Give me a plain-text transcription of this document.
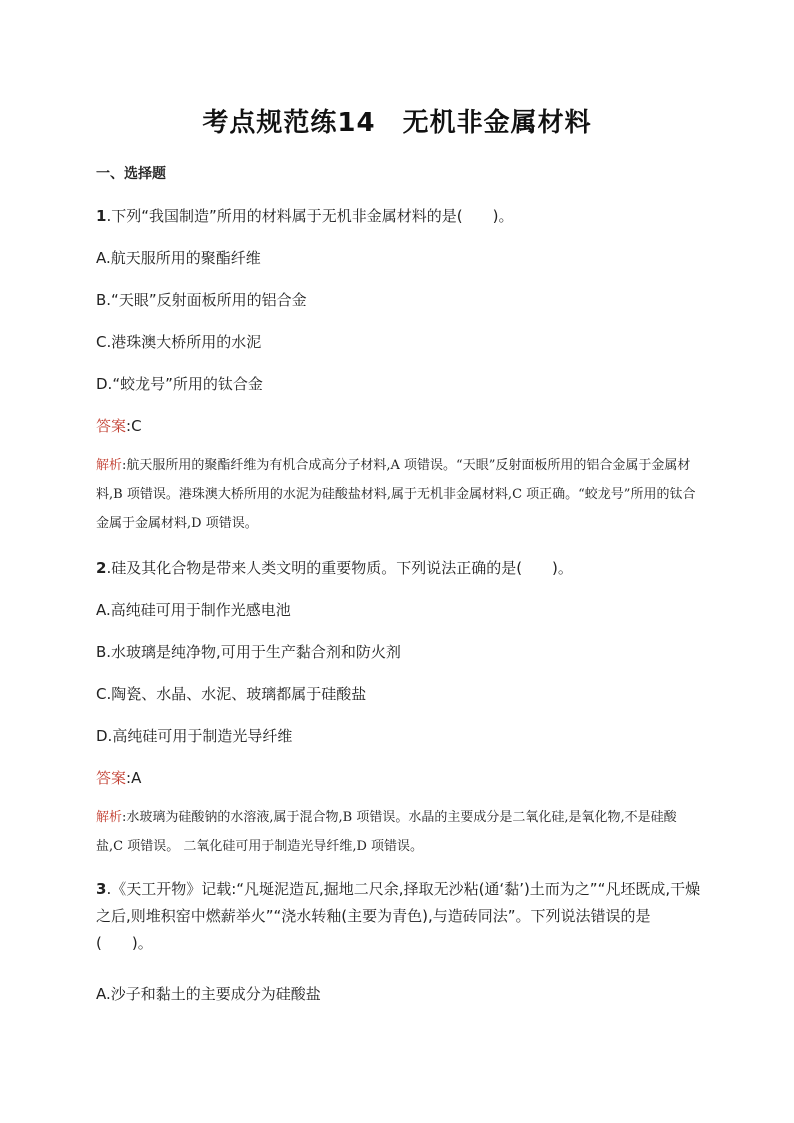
考点规范练14　无机非金属材料
一、选择题
1.下列“我国制造”所用的材料属于无机非金属材料的是(　　)。
A.航天服所用的聚酯纤维
B.“天眼”反射面板所用的铝合金
C.港珠澳大桥所用的水泥
D.“蛟龙号”所用的钛合金
答案:C
解析:航天服所用的聚酯纤维为有机合成高分子材料,A 项错误。“天眼”反射面板所用的铝合金属于金属材料,B 项错误。港珠澳大桥所用的水泥为硅酸盐材料,属于无机非金属材料,C 项正确。“蛟龙号”所用的钛合金属于金属材料,D 项错误。
2.硅及其化合物是带来人类文明的重要物质。下列说法正确的是(　　)。
A.高纯硅可用于制作光感电池
B.水玻璃是纯净物,可用于生产黏合剂和防火剂
C.陶瓷、水晶、水泥、玻璃都属于硅酸盐
D.高纯硅可用于制造光导纤维
答案:A
解析:水玻璃为硅酸钠的水溶液,属于混合物,B 项错误。水晶的主要成分是二氧化硅,是氧化物,不是硅酸盐,C 项错误。 二氧化硅可用于制造光导纤维,D 项错误。
3.《天工开物》记载:“凡埏泥造瓦,掘地二尺余,择取无沙粘(通‘黏’)土而为之”“凡坯既成,干燥之后,则堆积窑中燃薪举火”“浇水转釉(主要为青色),与造砖同法”。下列说法错误的是(　　)。
A.沙子和黏土的主要成分为硅酸盐
